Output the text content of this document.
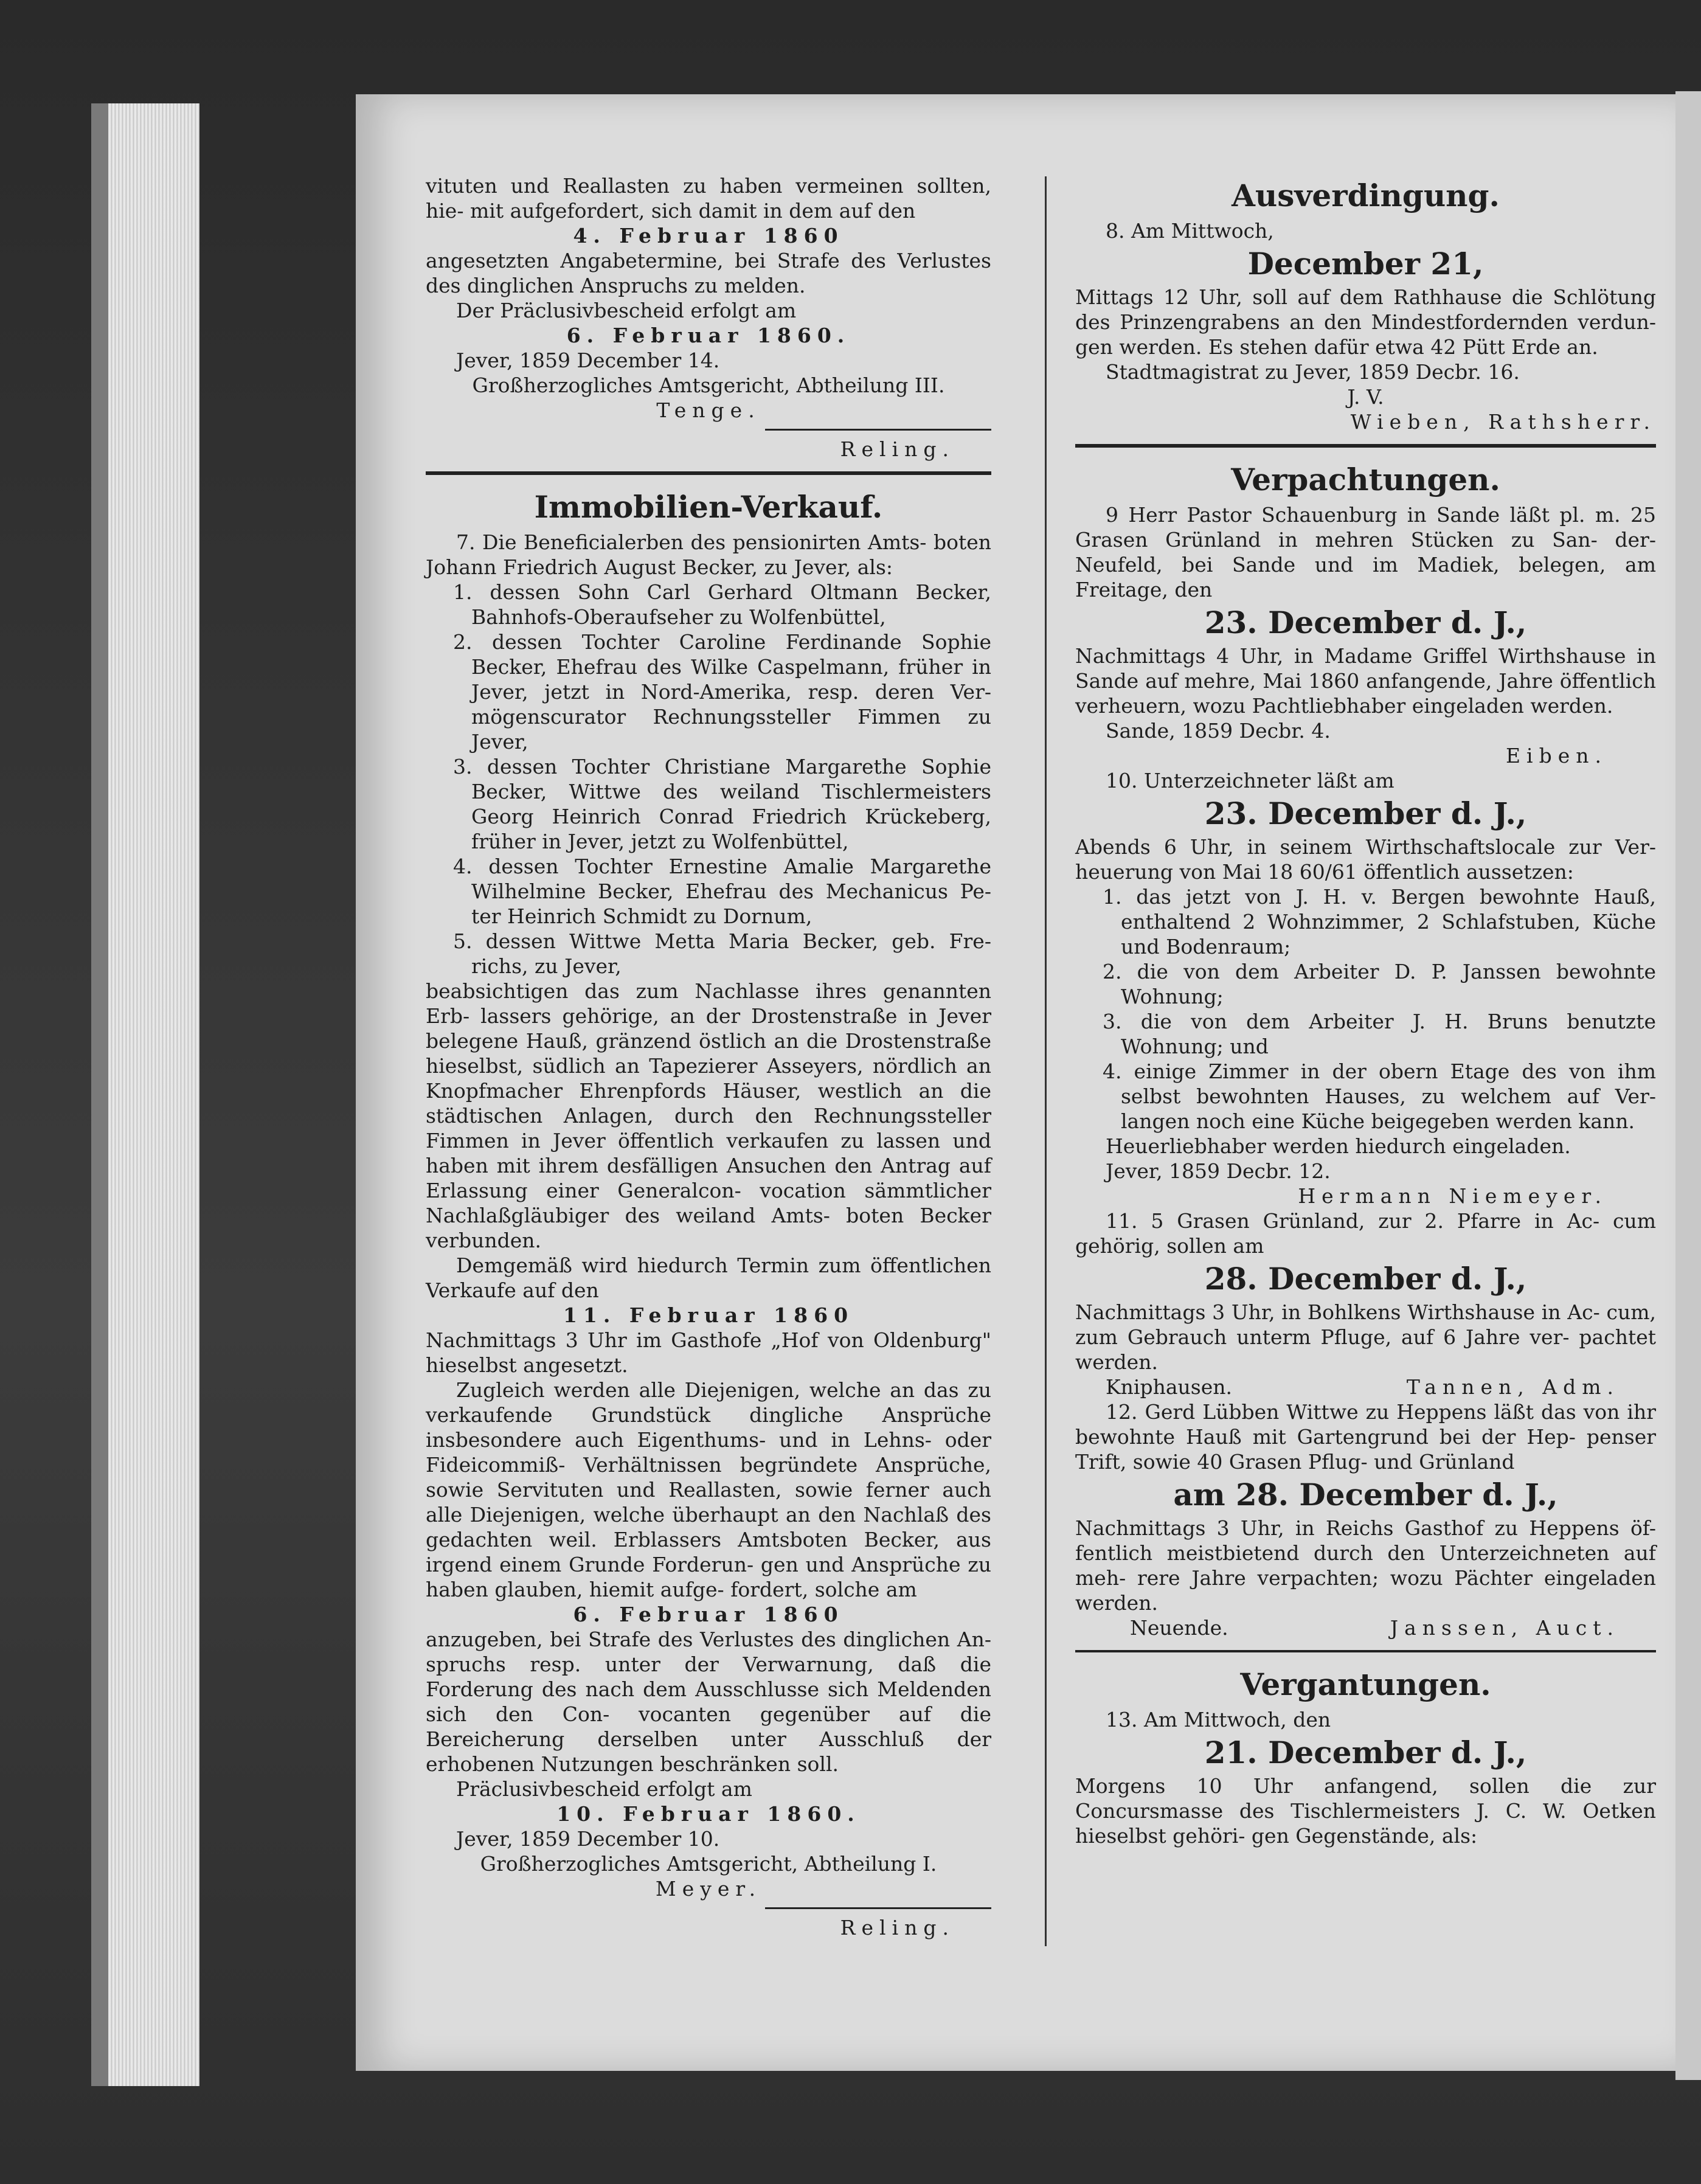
vituten und Reallasten zu haben vermeinen sollten, hie- mit aufgefordert, sich damit in dem auf den

4. Februar 1860

angesetzten Angabetermine, bei Strafe des Verlustes des dinglichen Anspruchs zu melden.

Der Präclusivbescheid erfolgt am

6. Februar 1860.

Jever, 1859 December 14.

Großherzogliches Amtsgericht, Abtheilung III.

Tenge.

Reling.

Immobilien-Verkauf.

7. Die Beneficialerben des pensionirten Amts- boten Johann Friedrich August Becker, zu Jever, als:

1. dessen Sohn Carl Gerhard Oltmann Becker, Bahnhofs-Oberaufseher zu Wolfenbüttel,

2. dessen Tochter Caroline Ferdinande Sophie Becker, Ehefrau des Wilke Caspelmann, früher in Jever, jetzt in Nord-Amerika, resp. deren Ver- mögenscurator Rechnungssteller Fimmen zu Jever,

3. dessen Tochter Christiane Margarethe Sophie Becker, Wittwe des weiland Tischlermeisters Georg Heinrich Conrad Friedrich Krückeberg, früher in Jever, jetzt zu Wolfenbüttel,

4. dessen Tochter Ernestine Amalie Margarethe Wilhelmine Becker, Ehefrau des Mechanicus Pe- ter Heinrich Schmidt zu Dornum,

5. dessen Wittwe Metta Maria Becker, geb. Fre- richs, zu Jever,

beabsichtigen das zum Nachlasse ihres genannten Erb- lassers gehörige, an der Drostenstraße in Jever belegene Hauß, gränzend östlich an die Drostenstraße hieselbst, südlich an Tapezierer Asseyers, nördlich an Knopfmacher Ehrenpfords Häuser, westlich an die städtischen Anlagen, durch den Rechnungssteller Fimmen in Jever öffentlich verkaufen zu lassen und haben mit ihrem desfälligen Ansuchen den Antrag auf Erlassung einer Generalcon- vocation sämmtlicher Nachlaßgläubiger des weiland Amts- boten Becker verbunden.

Demgemäß wird hiedurch Termin zum öffentlichen Verkaufe auf den

11. Februar 1860

Nachmittags 3 Uhr im Gasthofe „Hof von Oldenburg" hieselbst angesetzt.

Zugleich werden alle Diejenigen, welche an das zu verkaufende Grundstück dingliche Ansprüche insbesondere auch Eigenthums- und in Lehns- oder Fideicommiß- Verhältnissen begründete Ansprüche, sowie Servituten und Reallasten, sowie ferner auch alle Diejenigen, welche überhaupt an den Nachlaß des gedachten weil. Erblassers Amtsboten Becker, aus irgend einem Grunde Forderun- gen und Ansprüche zu haben glauben, hiemit aufge- fordert, solche am

6. Februar 1860

anzugeben, bei Strafe des Verlustes des dinglichen An- spruchs resp. unter der Verwarnung, daß die Forderung des nach dem Ausschlusse sich Meldenden sich den Con- vocanten gegenüber auf die Bereicherung derselben unter Ausschluß der erhobenen Nutzungen beschränken soll.

Präclusivbescheid erfolgt am

10. Februar 1860.

Jever, 1859 December 10.

Großherzogliches Amtsgericht, Abtheilung I.

Meyer.

Reling.

Ausverdingung.

8. Am Mittwoch,

December 21,

Mittags 12 Uhr, soll auf dem Rathhause die Schlötung des Prinzengrabens an den Mindestfordernden verdun- gen werden. Es stehen dafür etwa 42 Pütt Erde an.

Stadtmagistrat zu Jever, 1859 Decbr. 16.

J. V.

Wieben, Rathsherr.

Verpachtungen.

9 Herr Pastor Schauenburg in Sande läßt pl. m. 25 Grasen Grünland in mehren Stücken zu San- der-Neufeld, bei Sande und im Madiek, belegen, am Freitage, den

23. December d. J.,

Nachmittags 4 Uhr, in Madame Griffel Wirthshause in Sande auf mehre, Mai 1860 anfangende, Jahre öffentlich verheuern, wozu Pachtliebhaber eingeladen werden.

Sande, 1859 Decbr. 4.

Eiben.

10. Unterzeichneter läßt am

23. December d. J.,

Abends 6 Uhr, in seinem Wirthschaftslocale zur Ver- heuerung von Mai 18 60/61 öffentlich aussetzen:

1. das jetzt von J. H. v. Bergen bewohnte Hauß, enthaltend 2 Wohnzimmer, 2 Schlafstuben, Küche und Bodenraum;

2. die von dem Arbeiter D. P. Janssen bewohnte Wohnung;

3. die von dem Arbeiter J. H. Bruns benutzte Wohnung; und

4. einige Zimmer in der obern Etage des von ihm selbst bewohnten Hauses, zu welchem auf Ver- langen noch eine Küche beigegeben werden kann.

Heuerliebhaber werden hiedurch eingeladen.

Jever, 1859 Decbr. 12.

Hermann Niemeyer.

11. 5 Grasen Grünland, zur 2. Pfarre in Ac- cum gehörig, sollen am

28. December d. J.,

Nachmittags 3 Uhr, in Bohlkens Wirthshause in Ac- cum, zum Gebrauch unterm Pfluge, auf 6 Jahre ver- pachtet werden.

Kniphausen.	Tannen, Adm.

12. Gerd Lübben Wittwe zu Heppens läßt das von ihr bewohnte Hauß mit Gartengrund bei der Hep- penser Trift, sowie 40 Grasen Pflug- und Grünland

am 28. December d. J.,

Nachmittags 3 Uhr, in Reichs Gasthof zu Heppens öf- fentlich meistbietend durch den Unterzeichneten auf meh- rere Jahre verpachten; wozu Pächter eingeladen werden.

Neuende.	Janssen, Auct.
Vergantungen.

13. Am Mittwoch, den

21. December d. J.,

Morgens 10 Uhr anfangend, sollen die zur Concursmasse des Tischlermeisters J. C. W. Oetken hieselbst gehöri- gen Gegenstände, als:
